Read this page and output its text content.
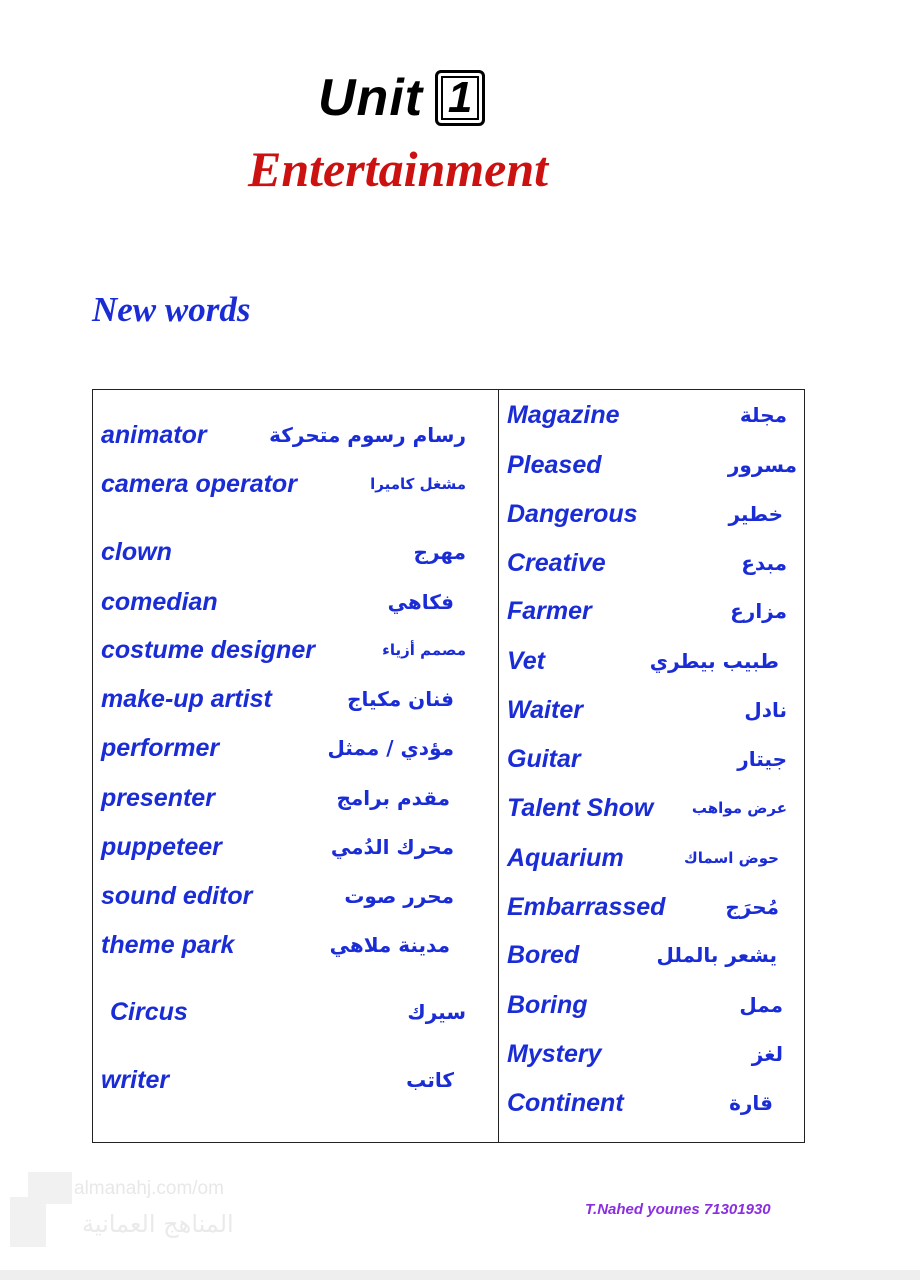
Unit 1
Entertainment
New words
animator	رسام رسوم متحركة
camera operator	مشغل كاميرا
clown	مهرج
comedian	فكاهي
costume designer	مصمم أزياء
make-up artist	فنان مكياج
performer	مؤدي / ممثل
presenter	مقدم برامج
puppeteer	محرك الدُمي
sound editor	محرر صوت
theme park	مدينة ملاهي
Circus	سيرك
writer	كاتب
Magazine	مجلة
Pleased	مسرور
Dangerous	خطير
Creative	مبدع
Farmer	مزارع
Vet	طبيب بيطري
Waiter	نادل
Guitar	جيتار
Talent Show	عرض مواهب
Aquarium	حوض اسماك
Embarrassed	مُحرَج
Bored	يشعر بالملل
Boring	ممل
Mystery	لغز
Continent	قارة
almanahj.com/om
المناهج العمانية
T.Nahed younes 71301930
